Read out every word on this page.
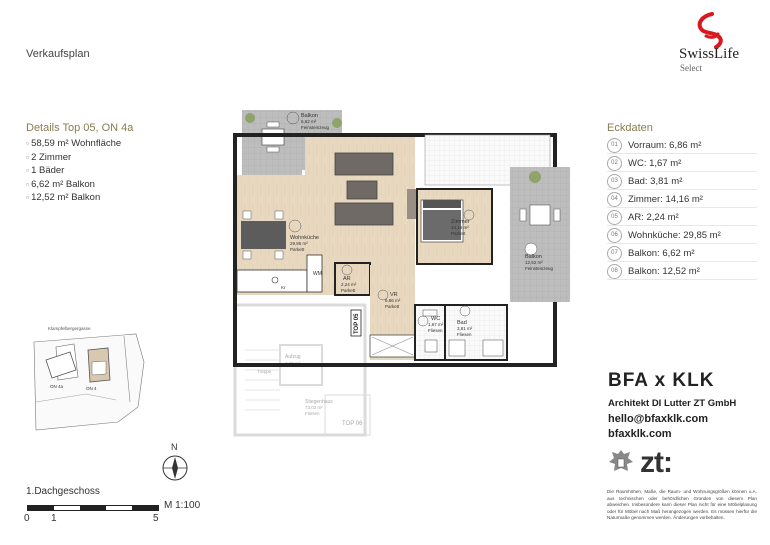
Verkaufsplan	SwissLife
Select
Details Top 05, ON 4a
▫ 58,59 m² Wohnfläche
▫ 2 Zimmer
▫ 1 Bäder
▫ 6,62 m² Balkon
▫ 12,52 m² Balkon
Eckdaten
01	Vorraum: 6,86 m²
02	WC: 1,67 m²
03	Bad: 3,81 m²
04	Zimmer: 14,16 m²
05	AR: 2,24 m²
06	Wohnküche: 29,85 m²
07	Balkon: 6,62 m²
08	Balkon: 12,52 m²
Aufzug
2,90 m²
Treppe
Stiegenhaus
73,02 m²
Fliesen
TOP 06
Balkon
6,62 m²
Feinsteinzeug
Balkon
12,52 m²
Feinsteinzeug
Wohnküche
29,85 m²
Parkett
WM
Kr
AR
2,24 m²
Parkett
Zimmer
14,16 m²
Parkett
VR
6,86 m²
Parkett
WC
1,67 m²
Fliesen
Bad
3,81 m²
Fliesen
TOP 05
Klampfelbergergasse
ON 4a	ON 4
N
1.Dachgeschoss
M 1:100
0 1	5
BFA x KLK
Architekt DI Lutter ZT GmbH
hello@bfaxklk.com
bfaxklk.com
zt:
Die Raumhöhen, Maße, die Raum- und Wohnungsgrößen können u.A. aus technischen oder behördlichen Gründen von diesem Plan abweichen. Insbesondere kann dieser Plan nicht für eine Möbelplanung oder für Möbel nach Maß herangezogen werden. Es müssen hierfür die Naturmaße genommen werden. Änderungen vorbehalten.
